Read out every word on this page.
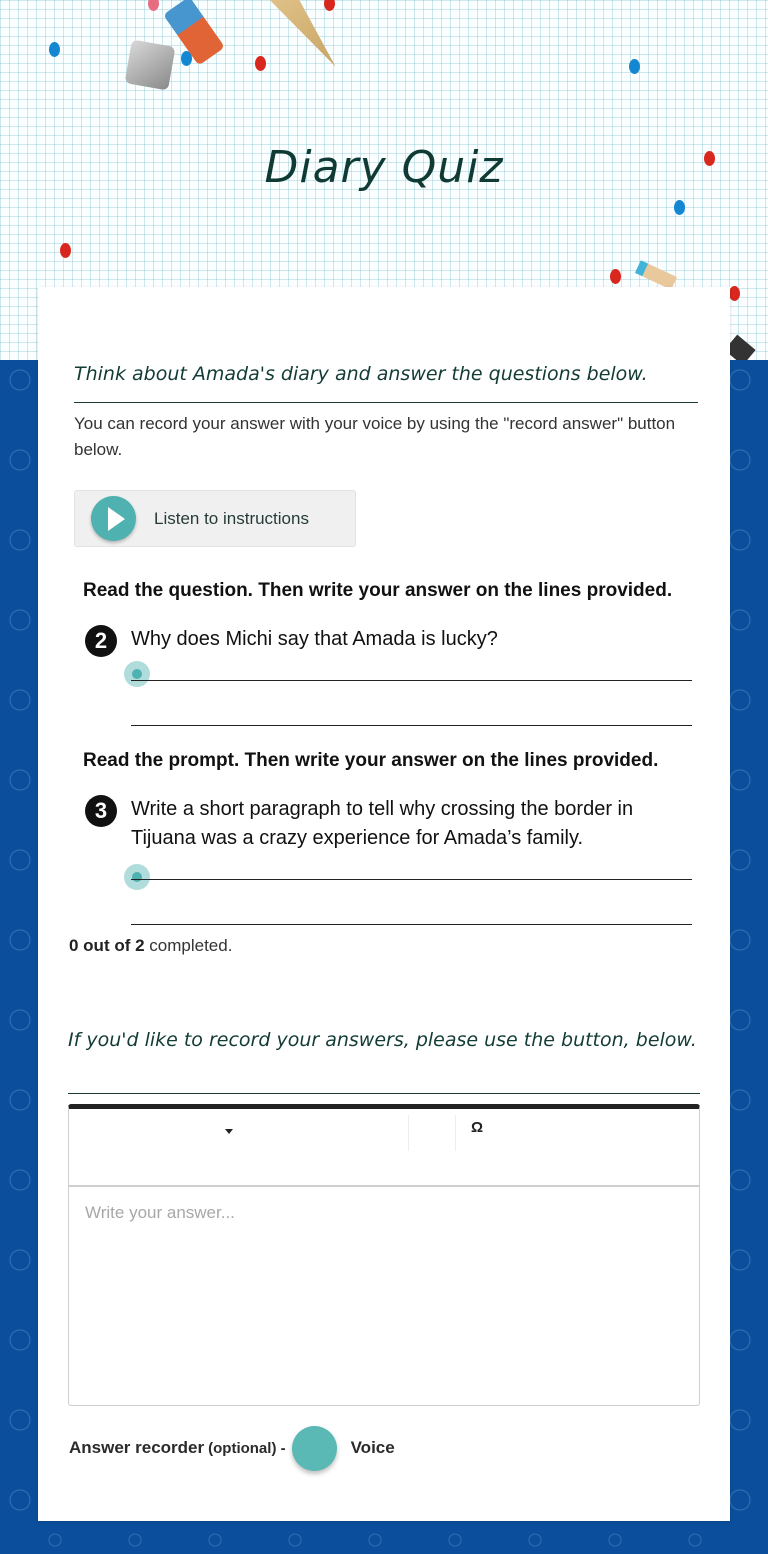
Diary Quiz
Think about Amada's diary and answer the questions below.
You can record your answer with your voice by using the "record answer" button below.
Listen to instructions
Read the question. Then write your answer on the lines provided.
2	Why does Michi say that Amada is lucky?
Read the prompt. Then write your answer on the lines provided.
3	Write a short paragraph to tell why crossing the border in
Tijuana was a crazy experience for Amada’s family.
0 out of 2 completed.
If you'd like to record your answers, please use the button, below.
Ω
Write your answer...
Answer recorder (optional) -	Voice
